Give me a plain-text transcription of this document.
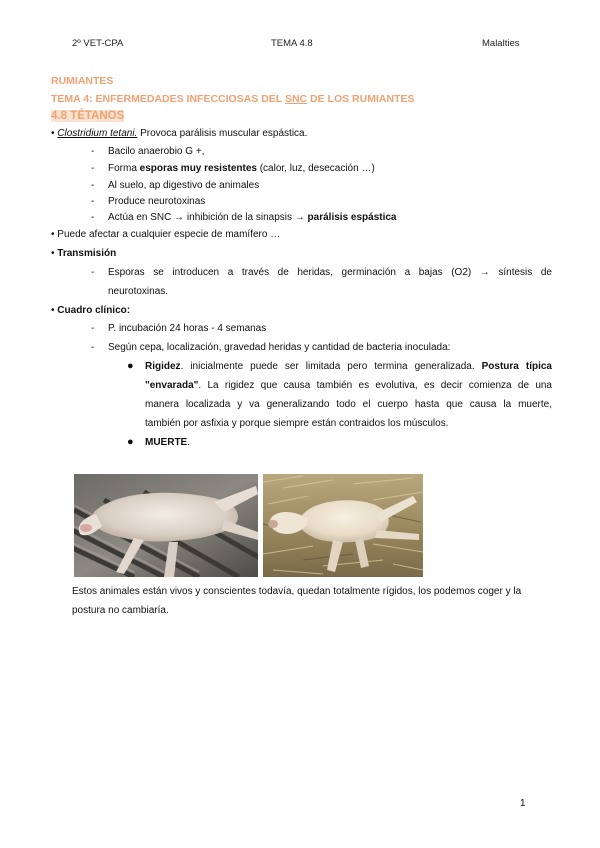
2º VET-CPA	TEMA 4.8	Malalties
RUMIANTES
TEMA 4: ENFERMEDADES INFECCIOSAS DEL SNC DE LOS RUMIANTES
4.8 TÉTANOS
• Clostridium tetani. Provoca parálisis muscular espástica.
- Bacilo anaerobio G +,
- Forma esporas muy resistentes (calor, luz, desecación …)
- Al suelo, ap digestivo de animales
- Produce neurotoxinas
- Actúa en SNC → inhibición de la sinapsis → parálisis espástica
• Puede afectar a cualquier especie de mamífero …
• Transmisión
- Esporas se introducen a través de heridas, germinación a bajas (O2) → síntesis de
neurotoxinas.
• Cuadro clínico:
- P. incubación 24 horas - 4 semanas
- Según cepa, localización, gravedad heridas y cantidad de bacteria inoculada:
● Rigidez. inicialmente puede ser limitada pero termina generalizada. Postura típica
"envarada". La rigidez que causa también es evolutiva, es decir comienza de una
manera localizada y va generalizando todo el cuerpo hasta que causa la muerte,
también por asfixia y porque siempre están contraidos los músculos.
● MUERTE.
Estos animales están vivos y conscientes todavía, quedan totalmente rígidos, los podemos coger y la postura no cambiaría.
1
